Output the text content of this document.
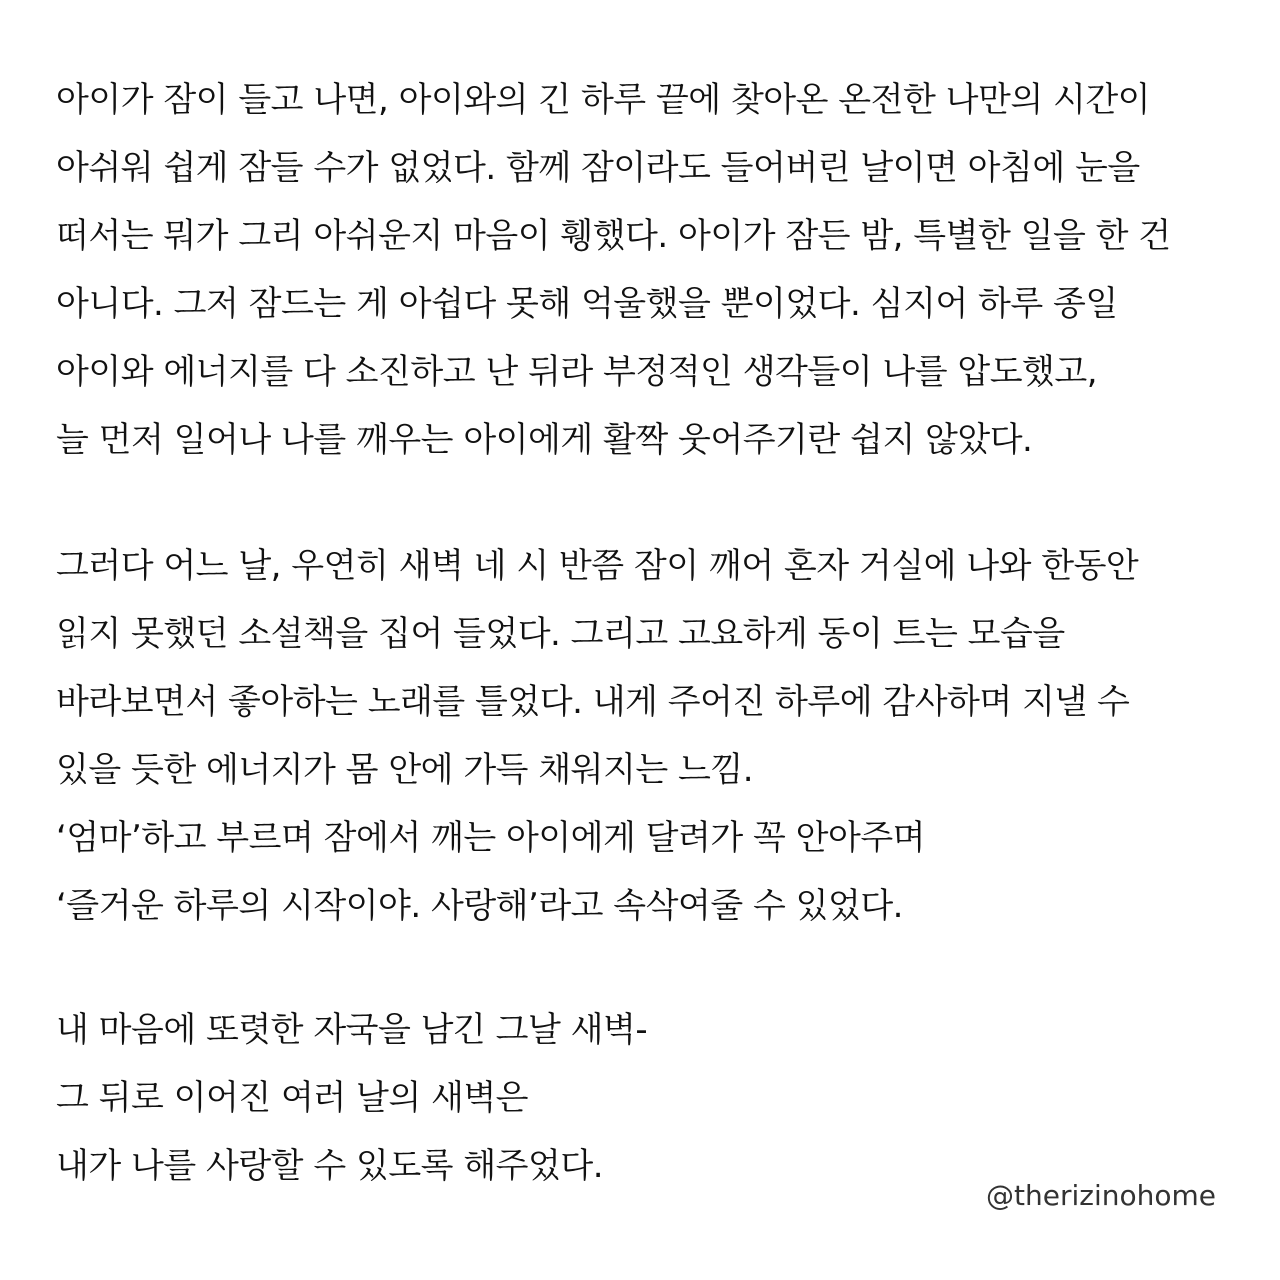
아이가 잠이 들고 나면, 아이와의 긴 하루 끝에 찾아온 온전한 나만의 시간이
아쉬워 쉽게 잠들 수가 없었다. 함께 잠이라도 들어버린 날이면 아침에 눈을
떠서는 뭐가 그리 아쉬운지 마음이 휑했다. 아이가 잠든 밤, 특별한 일을 한 건
아니다. 그저 잠드는 게 아쉽다 못해 억울했을 뿐이었다. 심지어 하루 종일
아이와 에너지를 다 소진하고 난 뒤라 부정적인 생각들이 나를 압도했고,
늘 먼저 일어나 나를 깨우는 아이에게 활짝 웃어주기란 쉽지 않았다.
그러다 어느 날, 우연히 새벽 네 시 반쯤 잠이 깨어 혼자 거실에 나와 한동안
읽지 못했던 소설책을 집어 들었다. 그리고 고요하게 동이 트는 모습을
바라보면서 좋아하는 노래를 틀었다. 내게 주어진 하루에 감사하며 지낼 수
있을 듯한 에너지가 몸 안에 가득 채워지는 느낌.
‘엄마’하고 부르며 잠에서 깨는 아이에게 달려가 꼭 안아주며
‘즐거운 하루의 시작이야. 사랑해’라고 속삭여줄 수 있었다.
내 마음에 또렷한 자국을 남긴 그날 새벽-
그 뒤로 이어진 여러 날의 새벽은
내가 나를 사랑할 수 있도록 해주었다.
@therizinohome
